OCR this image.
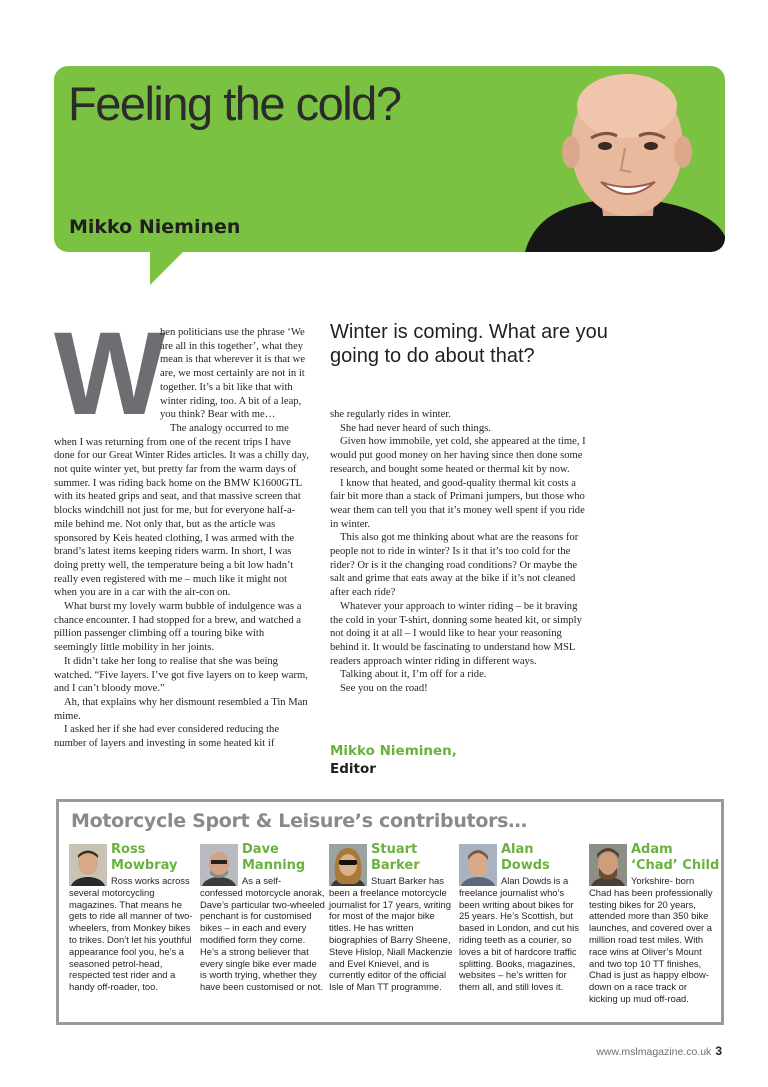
Feeling the cold?
Mikko Nieminen
W hen politicians use the phrase ‘We are all in this together’, what they mean is that wherever it is that we are, we most certainly are not in it together. It’s a bit like that with winter riding, too. A bit of a leap, you think? Bear with me…

The analogy occurred to me when I was returning from one of the recent trips I have done for our Great Winter Rides articles. It was a chilly day, not quite winter yet, but pretty far from the warm days of summer. I was riding back home on the BMW K1600GTL with its heated grips and seat, and that massive screen that blocks windchill not just for me, but for everyone half-a-mile behind me. Not only that, but as the article was sponsored by Keis heated clothing, I was armed with the brand’s latest items keeping riders warm. In short, I was doing pretty well, the temperature being a bit low hadn’t really even registered with me – much like it might not when you are in a car with the air-con on.

What burst my lovely warm bubble of indulgence was a chance encounter. I had stopped for a brew, and watched a pillion passenger climbing off a touring bike with seemingly little mobility in her joints.

It didn’t take her long to realise that she was being watched. “Five layers. I’ve got five layers on to keep warm, and I can’t bloody move.”

Ah, that explains why her dismount resembled a Tin Man mime.

I asked her if she had ever considered reducing the number of layers and investing in some heated kit if

Winter is coming. What are you going to do about that?

she regularly rides in winter.

She had never heard of such things.

Given how immobile, yet cold, she appeared at the time, I would put good money on her having since then done some research, and bought some heated or thermal kit by now.

I know that heated, and good-quality thermal kit costs a fair bit more than a stack of Primani jumpers, but those who wear them can tell you that it’s money well spent if you ride in winter.

This also got me thinking about what are the reasons for people not to ride in winter? Is it that it’s too cold for the rider? Or is it the changing road conditions? Or maybe the salt and grime that eats away at the bike if it’s not cleaned after each ride?

Whatever your approach to winter riding – be it braving the cold in your T-shirt, donning some heated kit, or simply not doing it at all – I would like to hear your reasoning behind it. It would be fascinating to understand how MSL readers approach winter riding in different ways.

Talking about it, I’m off for a ride.

See you on the road!

Mikko Nieminen,
Editor
Motorcycle Sport & Leisure’s contributors…
Ross
Mowbray
Ross works across several motorcycling magazines. That means he gets to ride all manner of two-wheelers, from Monkey bikes to trikes. Don’t let his youthful appearance fool you, he’s a seasoned petrol-head, respected test rider and a handy off-roader, too.
Dave
Manning
As a self- confessed motorcycle anorak, Dave’s particular two-wheeled penchant is for customised bikes – in each and every modified form they come. He’s a strong believer that every single bike ever made is worth trying, whether they have been customised or not.
Stuart
Barker
Stuart Barker has been a freelance motorcycle journalist for 17 years, writing for most of the major bike titles. He has written biographies of Barry Sheene, Steve Hislop, Niall Mackenzie and Evel Knievel, and is currently editor of the official Isle of Man TT programme.
Alan
Dowds
Alan Dowds is a freelance journalist who’s been writing about bikes for 25 years. He’s Scottish, but based in London, and cut his riding teeth as a courier, so loves a bit of hardcore traffic splitting. Books, magazines, websites – he’s written for them all, and still loves it.
Adam
‘Chad’ Child
Yorkshire- born Chad has been professionally testing bikes for 20 years, attended more than 350 bike launches, and covered over a million road test miles. With race wins at Oliver’s Mount and two top 10 TT finishes, Chad is just as happy elbow-down on a race track or kicking up mud off-road.
www.mslmagazine.co.uk 3
